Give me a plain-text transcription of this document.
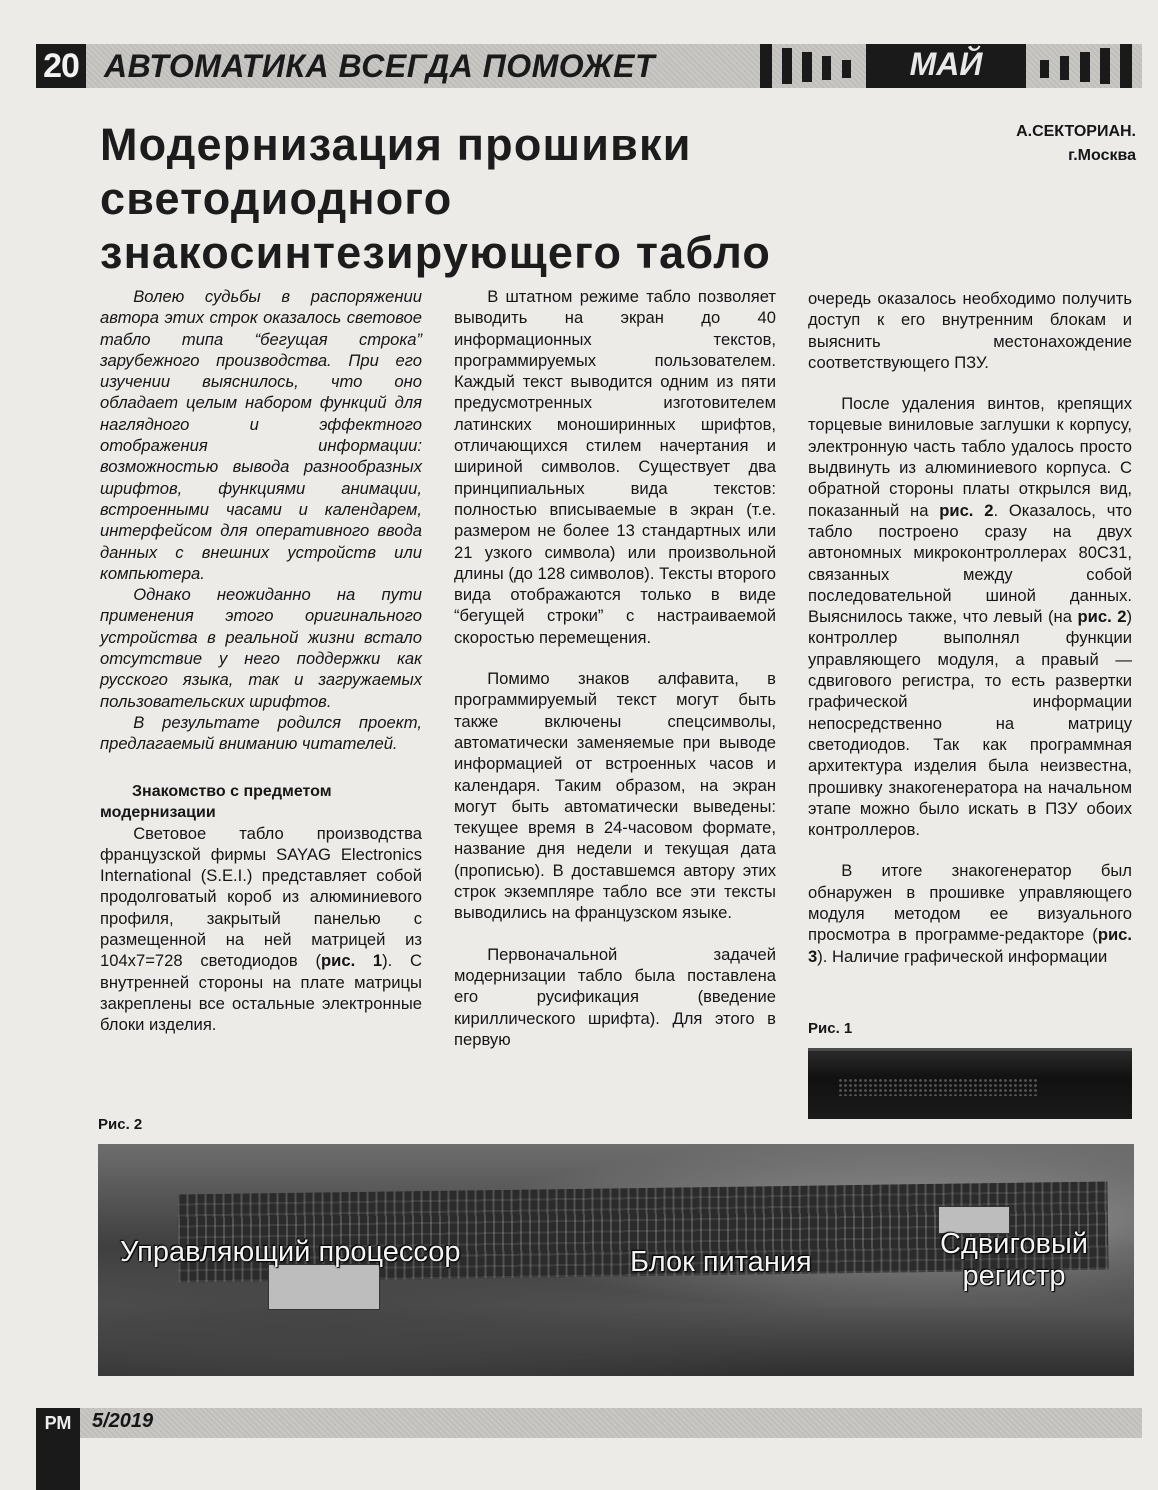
20 АВТОМАТИКА ВСЕГДА ПОМОЖЕТ	МАЙ
Модернизация прошивки
светодиодного
знакосинтезирующего табло
А.СЕКТОРИАН.
г.Москва

Волею судьбы в распоряжении автора этих строк оказалось световое табло типа “бегущая строка” зарубежного производства. При его изучении выяснилось, что оно обладает целым набором функций для наглядного и эффектного отображения информации: возможностью вывода разнообразных шрифтов, функциями анимации, встроенными часами и календарем, интерфейсом для оперативного ввода данных с внешних устройств или компьютера.

Однако неожиданно на пути применения этого оригинального устройства в реальной жизни встало отсутствие у него поддержки как русского языка, так и загружаемых пользовательских шрифтов.

В результате родился проект, предлагаемый вниманию читателей.

Знакомство с предметом модернизации

Световое табло производства французской фирмы SAYAG Electronics International (S.E.I.) представляет собой продолговатый короб из алюминиевого профиля, закрытый панелью с размещенной на ней матрицей из 104x7=728 светодиодов (рис. 1). С внутренней стороны на плате матрицы закреплены все остальные электронные блоки изделия.

В штатном режиме табло позволяет выводить на экран до 40 информационных текстов, программируемых пользователем. Каждый текст выводится одним из пяти предусмотренных изготовителем латинских моноширинных шрифтов, отличающихся стилем начертания и шириной символов. Существует два принципиальных вида текстов: полностью вписываемые в экран (т.е. размером не более 13 стандартных или 21 узкого символа) или произвольной длины (до 128 символов). Тексты второго вида отображаются только в виде “бегущей строки” с настраиваемой скоростью перемещения.

Помимо знаков алфавита, в программируемый текст могут быть также включены спецсимволы, автоматически заменяемые при выводе информацией от встроенных часов и календаря. Таким образом, на экран могут быть автоматически выведены: текущее время в 24-часовом формате, название дня недели и текущая дата (прописью). В доставшемся автору этих строк экземпляре табло все эти тексты выводились на французском языке.

Первоначальной задачей модернизации табло была поставлена его русификация (введение кириллического шрифта). Для этого в первую

очередь оказалось необходимо получить доступ к его внутренним блокам и выяснить местонахождение соответствующего ПЗУ.

После удаления винтов, крепящих торцевые виниловые заглушки к корпусу, электронную часть табло удалось просто выдвинуть из алюминиевого корпуса. С обратной стороны платы открылся вид, показанный на рис. 2. Оказалось, что табло построено сразу на двух автономных микроконтроллерах 80C31, связанных между собой последовательной шиной данных. Выяснилось также, что левый (на рис. 2) контроллер выполнял функции управляющего модуля, а правый — сдвигового регистра, то есть развертки графической информации непосредственно на матрицу светодиодов. Так как программная архитектура изделия была неизвестна, прошивку знакогенератора на начальном этапе можно было искать в ПЗУ обоих контроллеров.

В итоге знакогенератор был обнаружен в прошивке управляющего модуля методом ее визуального просмотра в программе-редакторе (рис. 3). Наличие графической информации

Рис. 1
Рис. 2
Управляющий процессор	Блок питания
Сдвиговый
регистр
РМ	5/2019
